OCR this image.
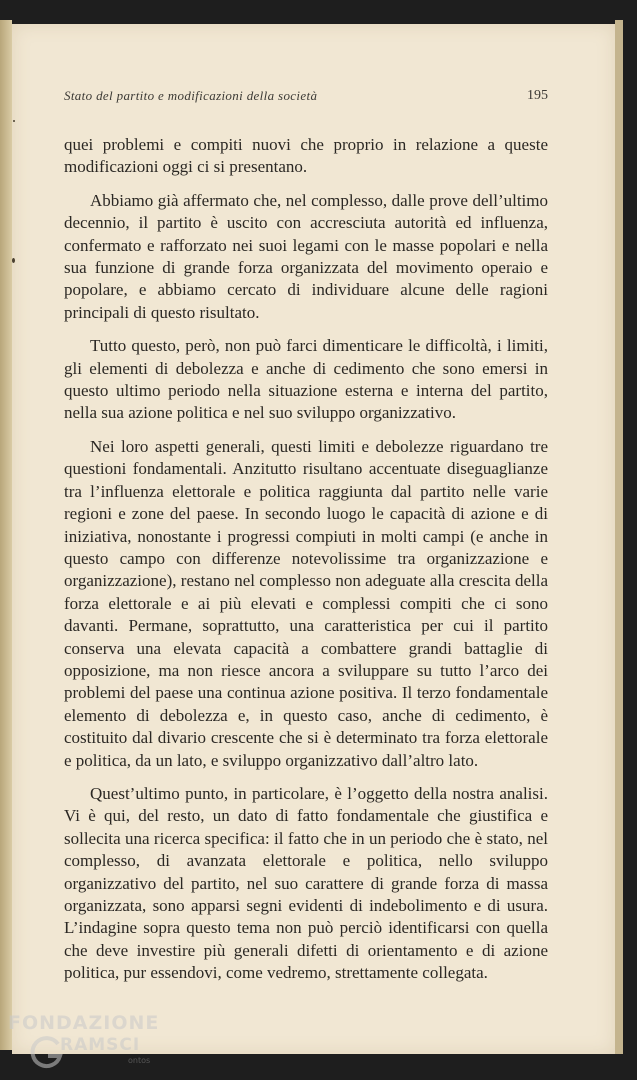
Stato del partito e modificazioni della società	195

quei problemi e compiti nuovi che proprio in relazione a queste modificazioni oggi ci si presentano.

Abbiamo già affermato che, nel complesso, dalle prove dell’ultimo decennio, il partito è uscito con accresciuta autorità ed influenza, confermato e rafforzato nei suoi legami con le masse popolari e nella sua funzione di grande forza organizzata del movimento operaio e popolare, e abbiamo cercato di individuare alcune delle ragioni principali di questo risultato.

Tutto questo, però, non può farci dimenticare le difficoltà, i limiti, gli elementi di debolezza e anche di cedimento che sono emersi in questo ultimo periodo nella situazione esterna e interna del partito, nella sua azione politica e nel suo sviluppo organizzativo.

Nei loro aspetti generali, questi limiti e debolezze riguardano tre questioni fondamentali. Anzitutto risultano accentuate diseguaglianze tra l’influenza elettorale e politica raggiunta dal partito nelle varie regioni e zone del paese. In secondo luogo le capacità di azione e di iniziativa, nonostante i progressi compiuti in molti campi (e anche in questo campo con differenze notevolissime tra organizzazione e organizzazione), restano nel complesso non adeguate alla crescita della forza elettorale e ai più elevati e complessi compiti che ci sono davanti. Permane, soprattutto, una caratteristica per cui il partito conserva una elevata capacità a combattere grandi battaglie di opposizione, ma non riesce ancora a sviluppare su tutto l’arco dei problemi del paese una continua azione positiva. Il terzo fondamentale elemento di debolezza e, in questo caso, anche di cedimento, è costituito dal divario crescente che si è determinato tra forza elettorale e politica, da un lato, e sviluppo organizzativo dall’altro lato.

Quest’ultimo punto, in particolare, è l’oggetto della nostra analisi. Vi è qui, del resto, un dato di fatto fondamentale che giustifica e sollecita una ricerca specifica: il fatto che in un periodo che è stato, nel complesso, di avanzata elettorale e politica, nello sviluppo organizzativo del partito, nel suo carattere di grande forza di massa organizzata, sono apparsi segni evidenti di indebolimento e di usura. L’indagine sopra questo tema non può perciò identificarsi con quella che deve investire più generali difetti di orientamento e di azione politica, pur essendovi, come vedremo, strettamente collegata.

FONDAZIONE
RAMSCI
ontos
